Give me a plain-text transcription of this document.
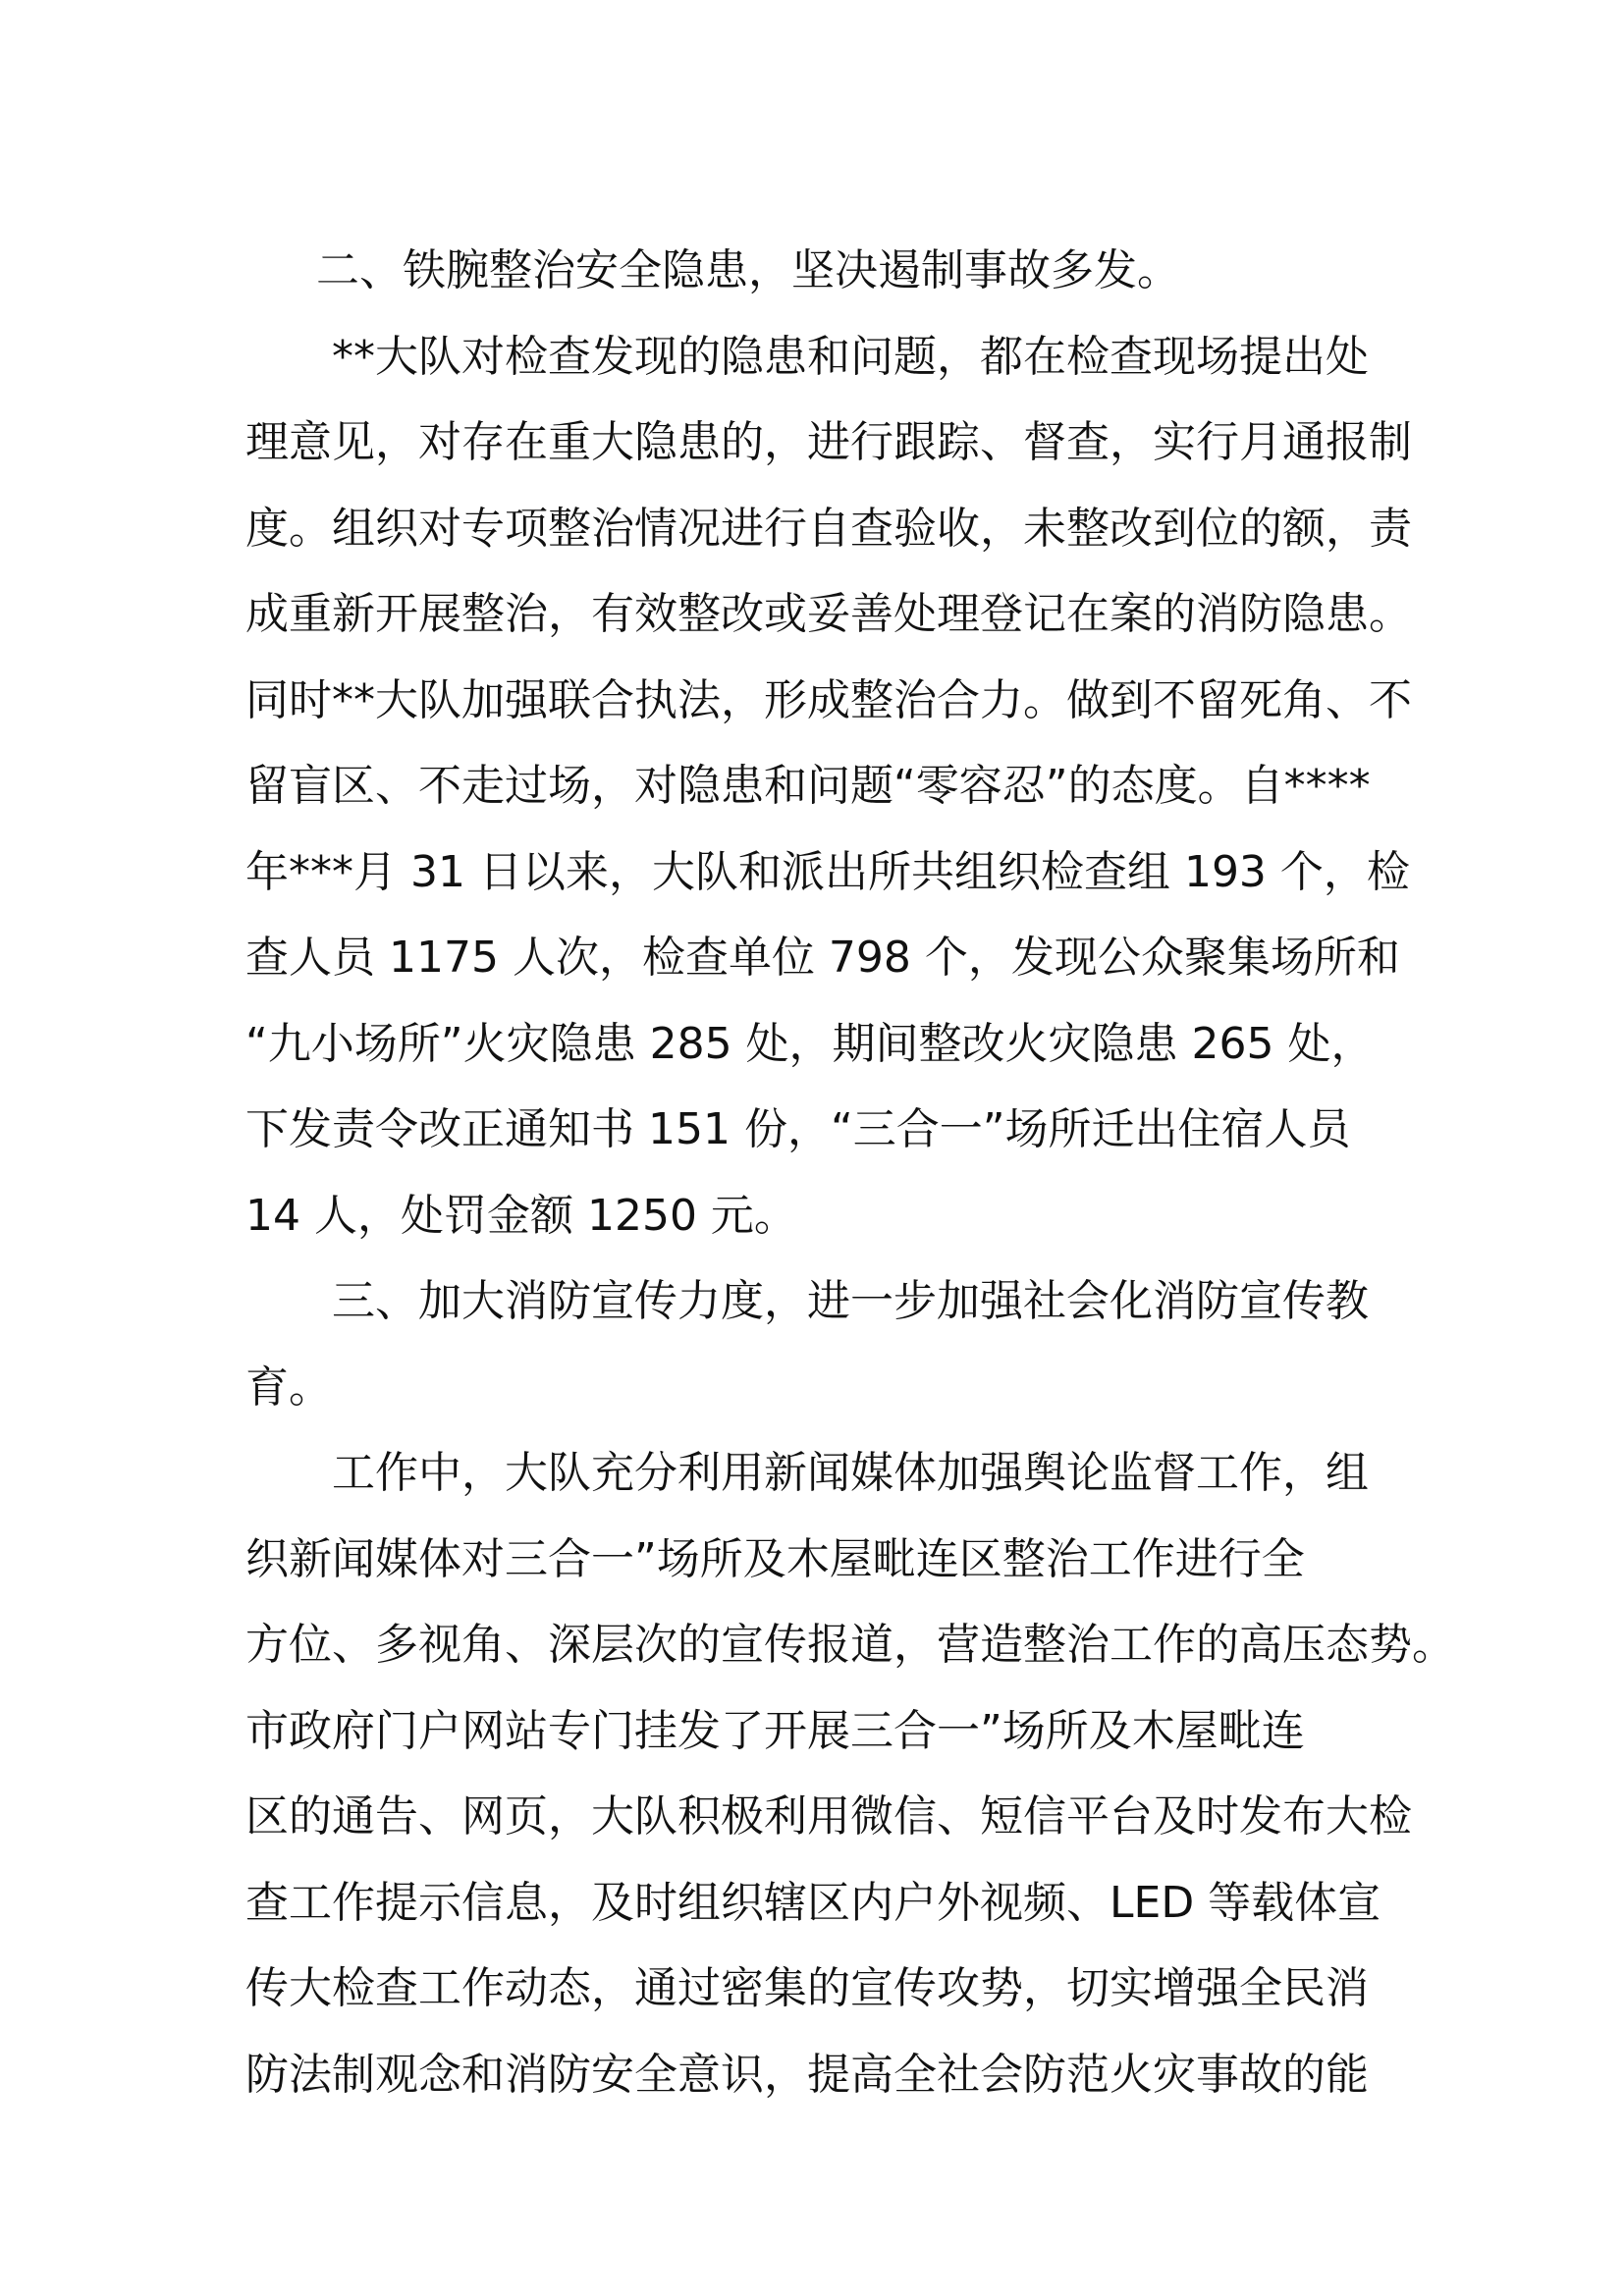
二、铁腕整治安全隐患，坚决遏制事故多发。
**大队对检查发现的隐患和问题，都在检查现场提出处
理意见，对存在重大隐患的，进行跟踪、督查，实行月通报制
度。组织对专项整治情况进行自查验收，未整改到位的额，责
成重新开展整治，有效整改或妥善处理登记在案的消防隐患。
同时**大队加强联合执法，形成整治合力。做到不留死角、不
留盲区、不走过场，对隐患和问题“零容忍”的态度。自****
年***月 31 日以来，大队和派出所共组织检查组 193 个，检
查人员 1175 人次，检查单位 798 个，发现公众聚集场所和
“九小场所”火灾隐患 285 处，期间整改火灾隐患 265 处，
下发责令改正通知书 151 份，“三合一”场所迁出住宿人员
14 人，处罚金额 1250 元。
三、加大消防宣传力度，进一步加强社会化消防宣传教
育。
工作中，大队充分利用新闻媒体加强舆论监督工作，组
织新闻媒体对三合一”场所及木屋毗连区整治工作进行全
方位、多视角、深层次的宣传报道，营造整治工作的高压态势。
市政府门户网站专门挂发了开展三合一”场所及木屋毗连
区的通告、网页，大队积极利用微信、短信平台及时发布大检
查工作提示信息，及时组织辖区内户外视频、LED 等载体宣
传大检查工作动态，通过密集的宣传攻势，切实增强全民消
防法制观念和消防安全意识，提高全社会防范火灾事故的能
